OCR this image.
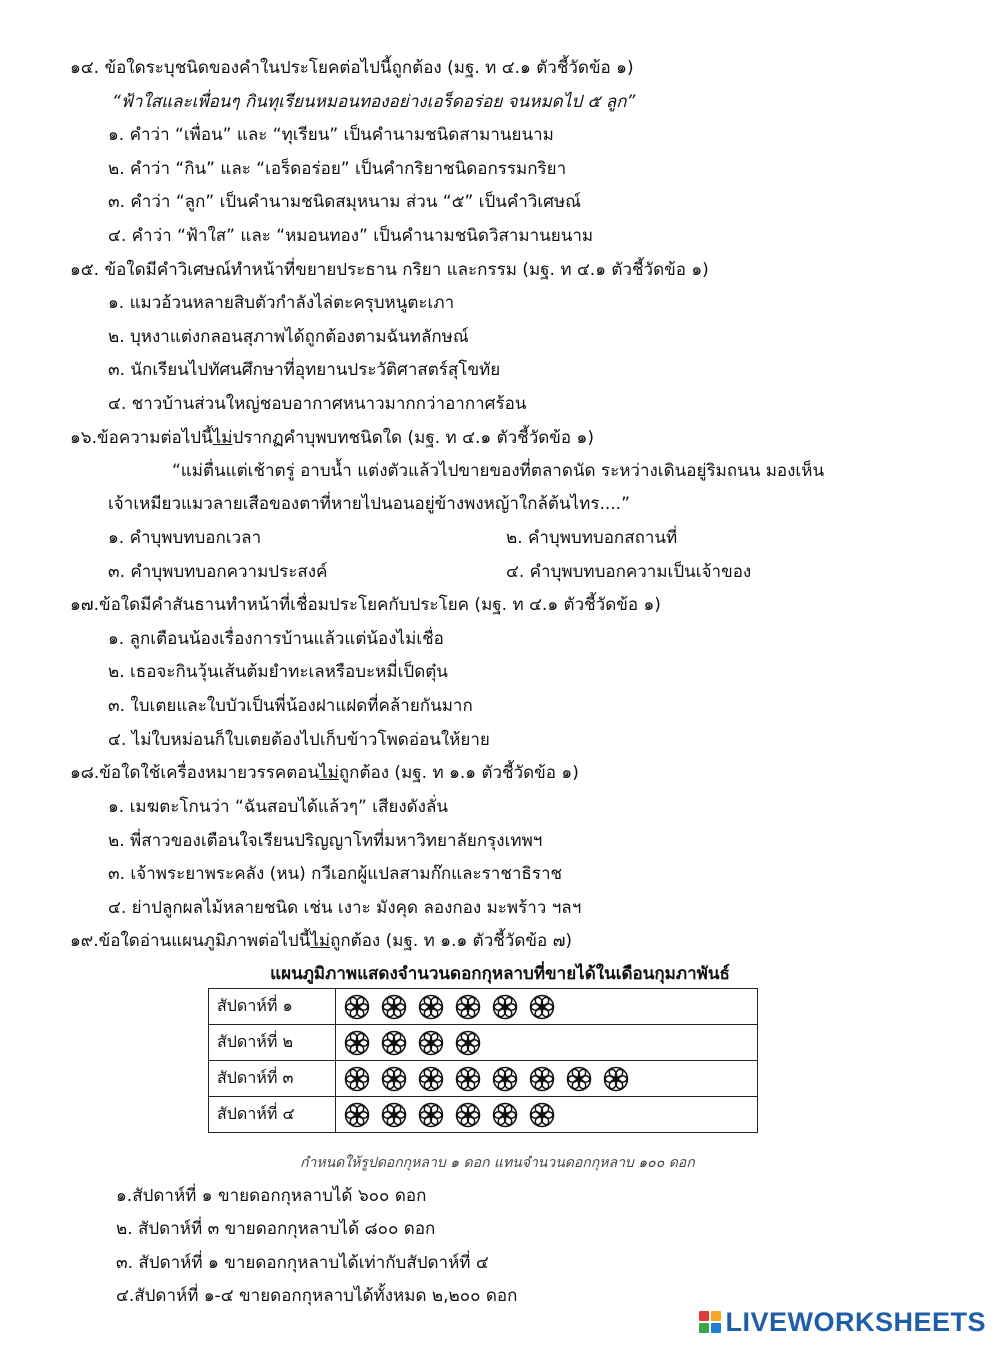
๑๔. ข้อใดระบุชนิดของคำในประโยคต่อไปนี้ถูกต้อง (มฐ. ท ๔.๑ ตัวชี้วัดข้อ ๑)
“ฟ้าใสและเพื่อนๆ กินทุเรียนหมอนทองอย่างเอร็ดอร่อย จนหมดไป ๕ ลูก”
๑. คำว่า “เพื่อน” และ “ทุเรียน” เป็นคำนามชนิดสามานยนาม
๒. คำว่า “กิน” และ “เอร็ดอร่อย” เป็นคำกริยาชนิดอกรรมกริยา
๓. คำว่า “ลูก” เป็นคำนามชนิดสมุหนาม ส่วน “๕” เป็นคำวิเศษณ์
๔. คำว่า “ฟ้าใส” และ “หมอนทอง” เป็นคำนามชนิดวิสามานยนาม
๑๕. ข้อใดมีคำวิเศษณ์ทำหน้าที่ขยายประธาน กริยา และกรรม (มฐ. ท ๔.๑ ตัวชี้วัดข้อ ๑)
๑. แมวอ้วนหลายสิบตัวกำลังไล่ตะครุบหนูตะเภา
๒. บุหงาแต่งกลอนสุภาพได้ถูกต้องตามฉันทลักษณ์
๓. นักเรียนไปทัศนศึกษาที่อุทยานประวัติศาสตร์สุโขทัย
๔. ชาวบ้านส่วนใหญ่ชอบอากาศหนาวมากกว่าอากาศร้อน
๑๖.ข้อความต่อไปนี้ไม่ปรากฏคำบุพบทชนิดใด (มฐ. ท ๔.๑ ตัวชี้วัดข้อ ๑)
“แม่ตื่นแต่เช้าตรู่ อาบน้ำ แต่งตัวแล้วไปขายของที่ตลาดนัด ระหว่างเดินอยู่ริมถนน มองเห็น
เจ้าเหมียวแมวลายเสือของตาที่หายไปนอนอยู่ข้างพงหญ้าใกล้ต้นไทร....”
๑. คำบุพบทบอกเวลา	๒. คำบุพบทบอกสถานที่
๓. คำบุพบทบอกความประสงค์	๔. คำบุพบทบอกความเป็นเจ้าของ
๑๗.ข้อใดมีคำสันธานทำหน้าที่เชื่อมประโยคกับประโยค (มฐ. ท ๔.๑ ตัวชี้วัดข้อ ๑)
๑. ลูกเตือนน้องเรื่องการบ้านแล้วแต่น้องไม่เชื่อ
๒. เธอจะกินวุ้นเส้นต้มยำทะเลหรือบะหมี่เป็ดตุ๋น
๓. ใบเตยและใบบัวเป็นพี่น้องฝาแฝดที่คล้ายกันมาก
๔. ไม่ใบหม่อนก็ใบเตยต้องไปเก็บข้าวโพดอ่อนให้ยาย
๑๘.ข้อใดใช้เครื่องหมายวรรคตอนไม่ถูกต้อง (มฐ. ท ๑.๑ ตัวชี้วัดข้อ ๑)
๑. เมฆตะโกนว่า “ฉันสอบได้แล้วๆ” เสียงดังลั่น
๒. พี่สาวของเตือนใจเรียนปริญญาโทที่มหาวิทยาลัยกรุงเทพฯ
๓. เจ้าพระยาพระคลัง (หน) กวีเอกผู้แปลสามก๊กและราชาธิราช
๔. ย่าปลูกผลไม้หลายชนิด เช่น เงาะ มังคุด ลองกอง มะพร้าว ฯลฯ
๑๙.ข้อใดอ่านแผนภูมิภาพต่อไปนี้ไม่ถูกต้อง (มฐ. ท ๑.๑ ตัวชี้วัดข้อ ๗)
แผนภูมิภาพแสดงจำนวนดอกกุหลาบที่ขายได้ในเดือนกุมภาพันธ์
สัปดาห์ที่ ๑	
สัปดาห์ที่ ๒	
สัปดาห์ที่ ๓	
สัปดาห์ที่ ๔	
กำหนดให้รูปดอกกุหลาบ ๑ ดอก แทนจำนวนดอกกุหลาบ ๑๐๐ ดอก
๑.สัปดาห์ที่ ๑ ขายดอกกุหลาบได้ ๖๐๐ ดอก
๒. สัปดาห์ที่ ๓ ขายดอกกุหลาบได้ ๘๐๐ ดอก
๓. สัปดาห์ที่ ๑ ขายดอกกุหลาบได้เท่ากับสัปดาห์ที่ ๔
๔.สัปดาห์ที่ ๑-๔ ขายดอกกุหลาบได้ทั้งหมด ๒,๒๐๐ ดอก
LIVEWORKSHEETS
